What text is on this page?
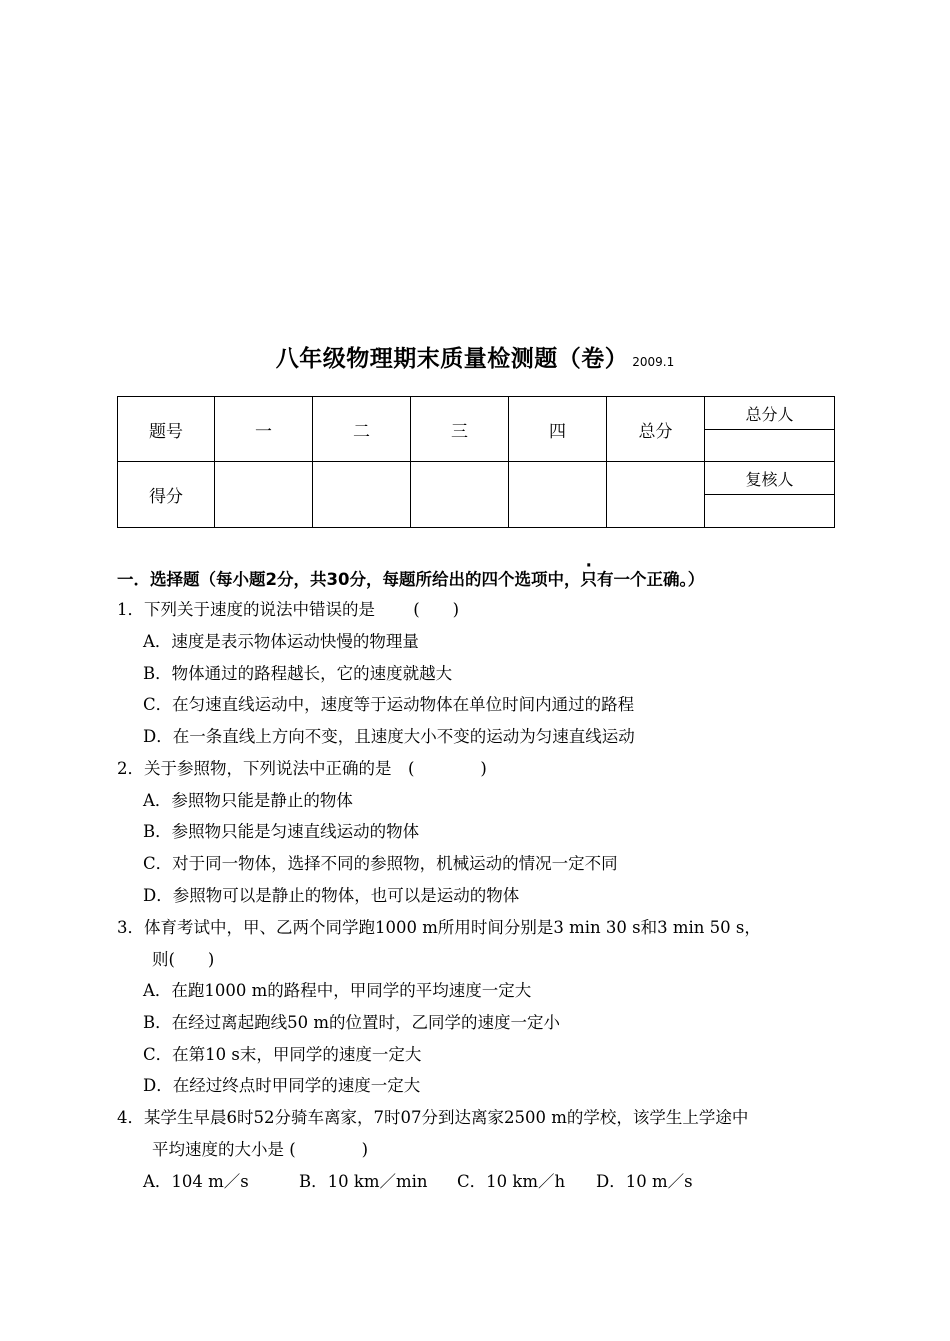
八年级物理期末质量检测题（卷） 2009.1
题号	一	二	三	四	总分	总分人

得分						复核人

一．选择题（每小题2分，共30分，每题所给出的四个选项中，只有一个正确。）
1．下列关于速度的说法中错误的是　　 (　　)
A．速度是表示物体运动快慢的物理量
B．物体通过的路程越长，它的速度就越大
C．在匀速直线运动中，速度等于运动物体在单位时间内通过的路程
D．在一条直线上方向不变，且速度大小不变的运动为匀速直线运动
2．关于参照物，下列说法中正确的是　(　　　　)
A．参照物只能是静止的物体
B．参照物只能是匀速直线运动的物体
C．对于同一物体，选择不同的参照物，机械运动的情况一定不同
D．参照物可以是静止的物体，也可以是运动的物体
3．体育考试中，甲、乙两个同学跑1000 m所用时间分别是3 min 30 s和3 min 50 s，
则(　　)
A．在跑1000 m的路程中，甲同学的平均速度一定大
B．在经过离起跑线50 m的位置时，乙同学的速度一定小
C．在第10 s末，甲同学的速度一定大
D．在经过终点时甲同学的速度一定大
4．某学生早晨6时52分骑车离家，7时07分到达离家2500 m的学校，该学生上学途中
平均速度的大小是 (　　　　)
A．104 m／s	B．10 km／min C．10 km／h D．10 m／s
